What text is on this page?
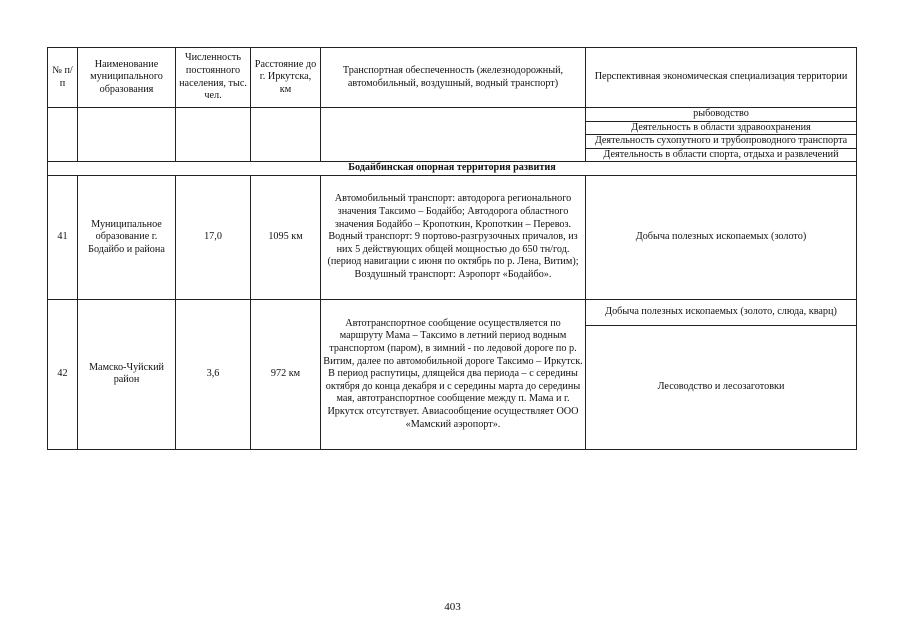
№ п/п	Наименование муниципального образования	Численность постоянного населения, тыс. чел.	Расстояние до г. Иркутска, км	Транспортная обеспеченность (железнодорожный, автомобильный, воздушный, водный транспорт)	Перспективная экономическая специализация территории
					рыбоводство
					Деятельность в области здравоохранения
					Деятельность сухопутного и трубопроводного транспорта
					Деятельность в области спорта, отдыха и развлечений
Бодайбинская опорная территория развития					
41	Муниципальное образование г. Бодайбо и района	17,0	1095 км	Автомобильный транспорт: автодорога регионального значения Таксимо – Бодайбо; Автодорога областного значения Бодайбо – Кропоткин, Кропоткин – Перевоз. Водный транспорт: 9 портово-разгрузочных причалов, из них 5 действующих общей мощностью до 650 тн/год. (период навигации с июня по октябрь по р. Лена, Витим); Воздушный транспорт: Аэропорт «Бодайбо».	Добыча полезных ископаемых (золото)
42	Мамско-Чуйский район	3,6	972 км	Автотранспортное сообщение осуществляется по маршруту Мама – Таксимо в летний период водным транспортом (паром), в зимний - по ледовой дороге по р. Витим, далее по автомобильной дороге Таксимо – Иркутск. В период распутицы, длящейся два периода – с середины октября до конца декабря и с середины марта до середины мая, автотранспортное сообщение между п. Мама и г. Иркутск отсутствует. Авиасообщение осуществляет ООО «Мамский аэропорт».	Добыча полезных ископаемых (золото, слюда, кварц)
					Лесоводство и лесозаготовки
403
